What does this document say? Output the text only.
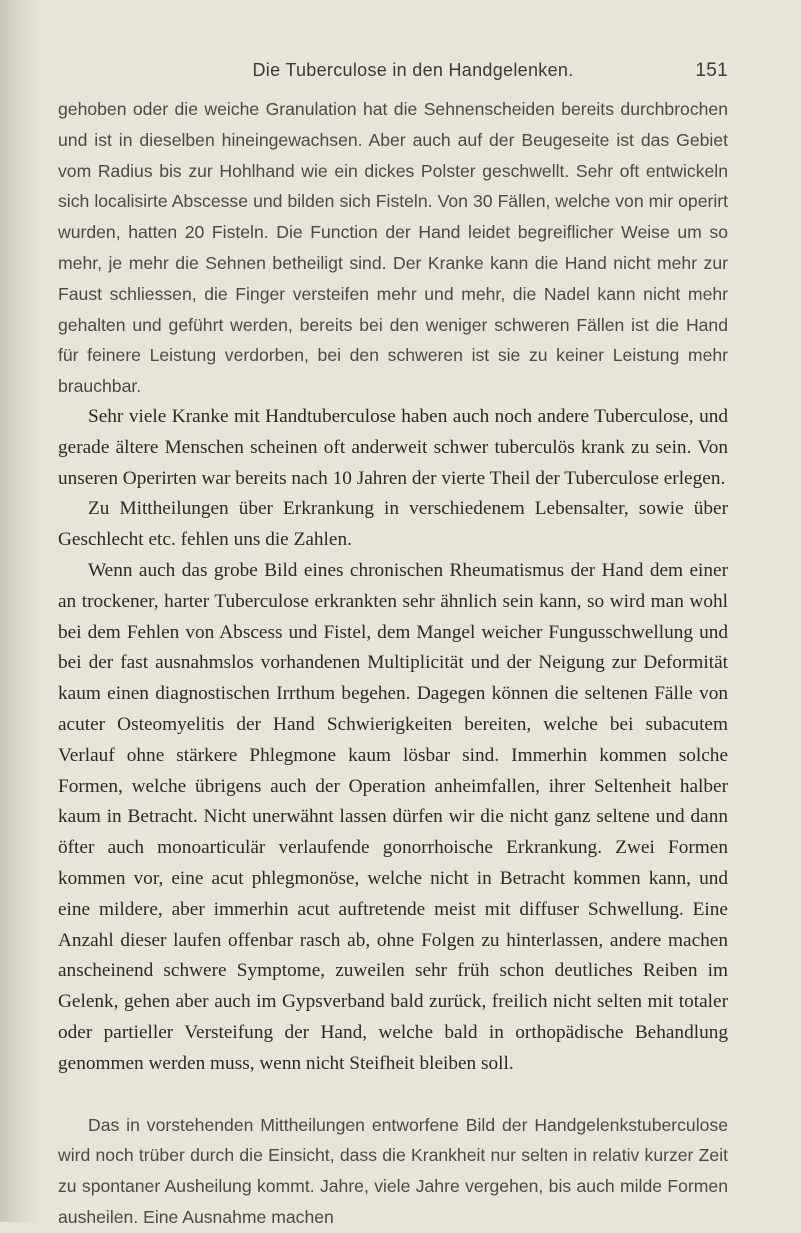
Die Tuberculose in den Handgelenken.	151

gehoben oder die weiche Granulation hat die Sehnenscheiden bereits durchbrochen und ist in dieselben hineingewachsen. Aber auch auf der Beugeseite ist das Gebiet vom Radius bis zur Hohlhand wie ein dickes Polster geschwellt. Sehr oft entwickeln sich localisirte Abscesse und bilden sich Fisteln. Von 30 Fällen, welche von mir operirt wurden, hatten 20 Fisteln. Die Function der Hand leidet begreiflicher Weise um so mehr, je mehr die Sehnen betheiligt sind. Der Kranke kann die Hand nicht mehr zur Faust schliessen, die Finger versteifen mehr und mehr, die Nadel kann nicht mehr gehalten und geführt werden, bereits bei den weniger schweren Fällen ist die Hand für feinere Leistung verdorben, bei den schweren ist sie zu keiner Leistung mehr brauchbar.

Sehr viele Kranke mit Handtuberculose haben auch noch andere Tuberculose, und gerade ältere Menschen scheinen oft anderweit schwer tuberculös krank zu sein. Von unseren Operirten war bereits nach 10 Jahren der vierte Theil der Tuberculose erlegen.

Zu Mittheilungen über Erkrankung in verschiedenem Lebensalter, sowie über Geschlecht etc. fehlen uns die Zahlen.

Wenn auch das grobe Bild eines chronischen Rheumatismus der Hand dem einer an trockener, harter Tuberculose erkrankten sehr ähnlich sein kann, so wird man wohl bei dem Fehlen von Abscess und Fistel, dem Mangel weicher Fungusschwellung und bei der fast ausnahmslos vorhandenen Multiplicität und der Neigung zur Deformität kaum einen diagnostischen Irrthum begehen. Dagegen können die seltenen Fälle von acuter Osteomyelitis der Hand Schwierigkeiten bereiten, welche bei subacutem Verlauf ohne stärkere Phlegmone kaum lösbar sind. Immerhin kommen solche Formen, welche übrigens auch der Operation anheimfallen, ihrer Seltenheit halber kaum in Betracht. Nicht unerwähnt lassen dürfen wir die nicht ganz seltene und dann öfter auch monoarticulär verlaufende gonorrhoische Erkrankung. Zwei Formen kommen vor, eine acut phlegmonöse, welche nicht in Betracht kommen kann, und eine mildere, aber immerhin acut auftretende meist mit diffuser Schwellung. Eine Anzahl dieser laufen offenbar rasch ab, ohne Folgen zu hinterlassen, andere machen anscheinend schwere Symptome, zuweilen sehr früh schon deutliches Reiben im Gelenk, gehen aber auch im Gypsverband bald zurück, freilich nicht selten mit totaler oder partieller Versteifung der Hand, welche bald in orthopädische Behandlung genommen werden muss, wenn nicht Steifheit bleiben soll.

Das in vorstehenden Mittheilungen entworfene Bild der Handgelenkstuberculose wird noch trüber durch die Einsicht, dass die Krankheit nur selten in relativ kurzer Zeit zu spontaner Ausheilung kommt. Jahre, viele Jahre vergehen, bis auch milde Formen ausheilen. Eine Ausnahme machen
